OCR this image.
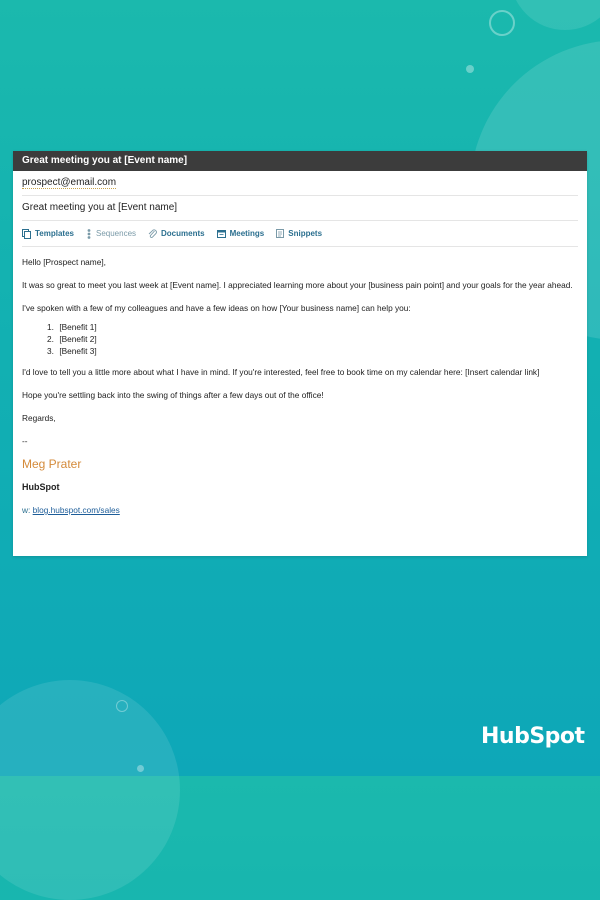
Great meeting you at [Event name]
prospect@email.com
Great meeting you at [Event name]
Templates	Sequences	Documents	Meetings	Snippets

Hello [Prospect name],

It was so great to meet you last week at [Event name]. I appreciated learning more about your [business pain point] and your goals for the year ahead.

I've spoken with a few of my colleagues and have a few ideas on how [Your business name] can help you:

1. [Benefit 1]
2. [Benefit 2]
3. [Benefit 3]

I'd love to tell you a little more about what I have in mind. If you're interested, feel free to book time on my calendar here: [Insert calendar link]

Hope you're settling back into the swing of things after a few days out of the office!

Regards,

--

Meg Prater

HubSpot

w: blog.hubspot.com/sales

HubSpot
